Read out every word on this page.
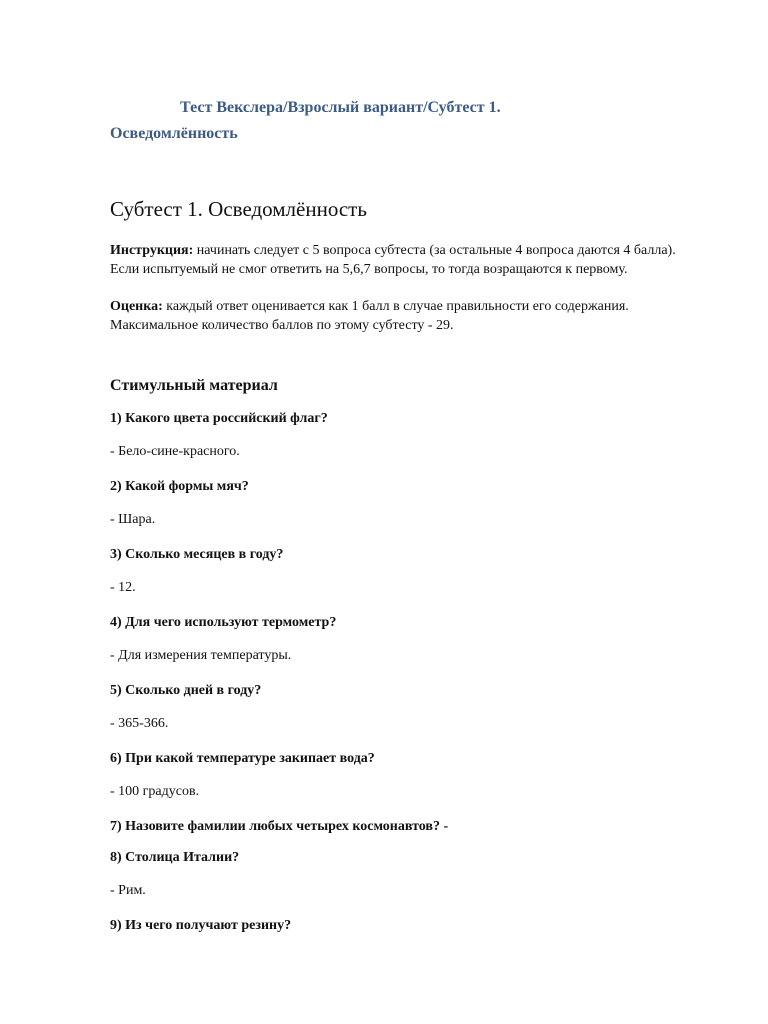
Тест Векслера/Взрослый вариант/Субтест 1.
Осведомлённость
Субтест 1. Осведомлённость

Инструкция: начинать следует с 5 вопроса субтеста (за остальные 4 вопроса даются 4 балла). Если испытуемый не смог ответить на 5,6,7 вопросы, то тогда возращаются к первому.

Оценка: каждый ответ оценивается как 1 балл в случае правильности его содержания. Максимальное количество баллов по этому субтесту - 29.

Стимульный материал

1) Какого цвета российский флаг?

- Бело-сине-красного.

2) Какой формы мяч?

- Шара.

3) Сколько месяцев в году?

- 12.

4) Для чего используют термометр?

- Для измерения температуры.

5) Сколько дней в году?

- 365-366.

6) При какой температуре закипает вода?

- 100 градусов.

7) Назовите фамилии любых четырех космонавтов? -

8) Столица Италии?

- Рим.

9) Из чего получают резину?
